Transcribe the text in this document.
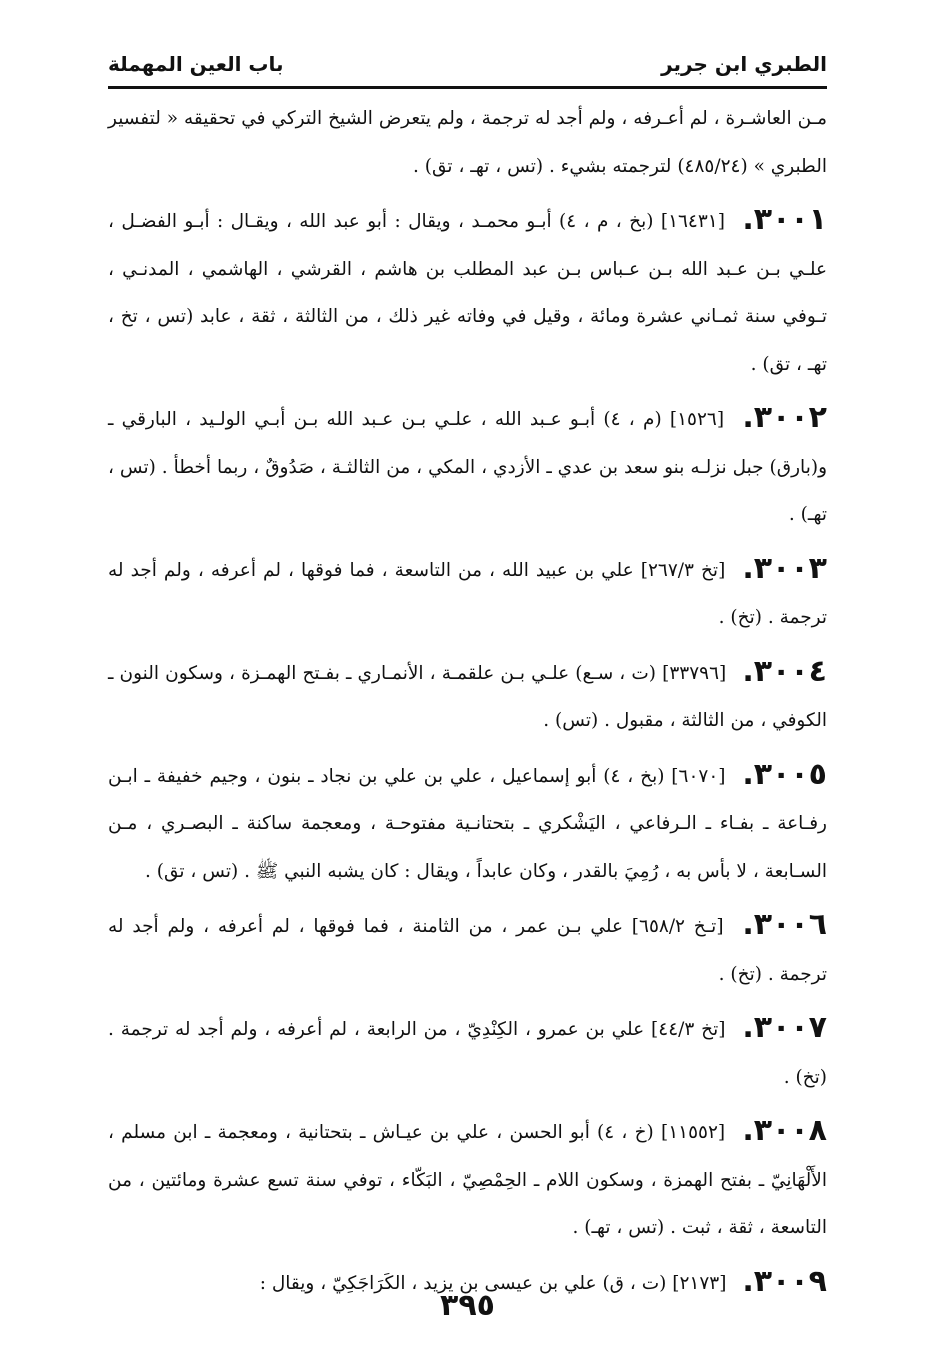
الطبري ابن جرير
باب العين المهملة

مـن العاشـرة ، لم أعـرفه ، ولم أجد له ترجمة ، ولم يتعرض الشيخ التركي في تحقيقه « لتفسير الطبري » (٤٨٥/٢٤) لترجمته بشيء . (تس ، تهـ ، تق) .

٣٠٠١. [١٦٤٣١] (بخ ، م ، ٤) أبـو محمـد ، ويقال : أبو عبد الله ، ويقـال : أبـو الفضـل ، علـي بـن عـبد الله بـن عـباس بـن عبد المطلب بن هاشم ، القرشي ، الهاشمي ، المدنـي ، تـوفي سنة ثمـاني عشرة ومائة ، وقيل في وفاته غير ذلك ، من الثالثة ، ثقة ، عابد (تس ، تخ ، تهـ ، تق) .

٣٠٠٢. [١٥٢٦] (م ، ٤) أبـو عـبد الله ، علـي بـن عـبد الله بـن أبـي الولـيد ، البارقي ـ و(بارق) جبل نزلـه بنو سعد بن عدي ـ الأزدي ، المكي ، من الثالثـة ، صَدُوقٌ ، ربما أخطأ . (تس ، تهـ) .

٣٠٠٣. [تخ ٢٦٧/٣] علي بن عبيد الله ، من التاسعة ، فما فوقها ، لم أعرفه ، ولم أجد له ترجمة . (تخ) .

٣٠٠٤. [٣٣٧٩٦] (ت ، سـع) علـي بـن علقمـة ، الأنمـاري ـ بفـتح الهمـزة ، وسكون النون ـ الكوفي ، من الثالثة ، مقبول . (تس) .

٣٠٠٥. [٦٠٧٠] (بخ ، ٤) أبو إسماعيل ، علي بن علي بن نجاد ـ بنون ، وجيم خفيفة ـ ابـن رفـاعة ـ بفـاء ـ الـرفاعي ، اليَشْكري ـ بتحتانـية مفتوحـة ، ومعجمة ساكنة ـ البصـري ، مـن السـابعة ، لا بأس به ، رُمِيَ بالقدر ، وكان عابداً ، ويقال : كان يشبه النبي ﷺ . (تس ، تق) .

٣٠٠٦. [تـخ ٦٥٨/٢] علي بـن عمر ، من الثامنة ، فما فوقها ، لم أعرفه ، ولم أجد له ترجمة . (تخ) .

٣٠٠٧. [تخ ٤٤/٣] علي بن عمرو ، الكِنْدِيّ ، من الرابعة ، لم أعرفه ، ولم أجد له ترجمة . (تخ) .

٣٠٠٨. [١١٥٥٢] (خ ، ٤) أبو الحسن ، علي بن عيـاش ـ بتحتانية ، ومعجمة ـ ابن مسلم ، الأَلْهَانِيّ ـ بفتح الهمزة ، وسكون اللام ـ الحِمْصِيّ ، البَكّاء ، توفي سنة تسع عشرة ومائتين ، من التاسعة ، ثقة ، ثبت . (تس ، تهـ) .

٣٠٠٩. [٢١٧٣] (ت ، ق) علي بن عيسى بن يزيد ، الكَرَاجَكِيّ ، ويقال :

٣٩٥
